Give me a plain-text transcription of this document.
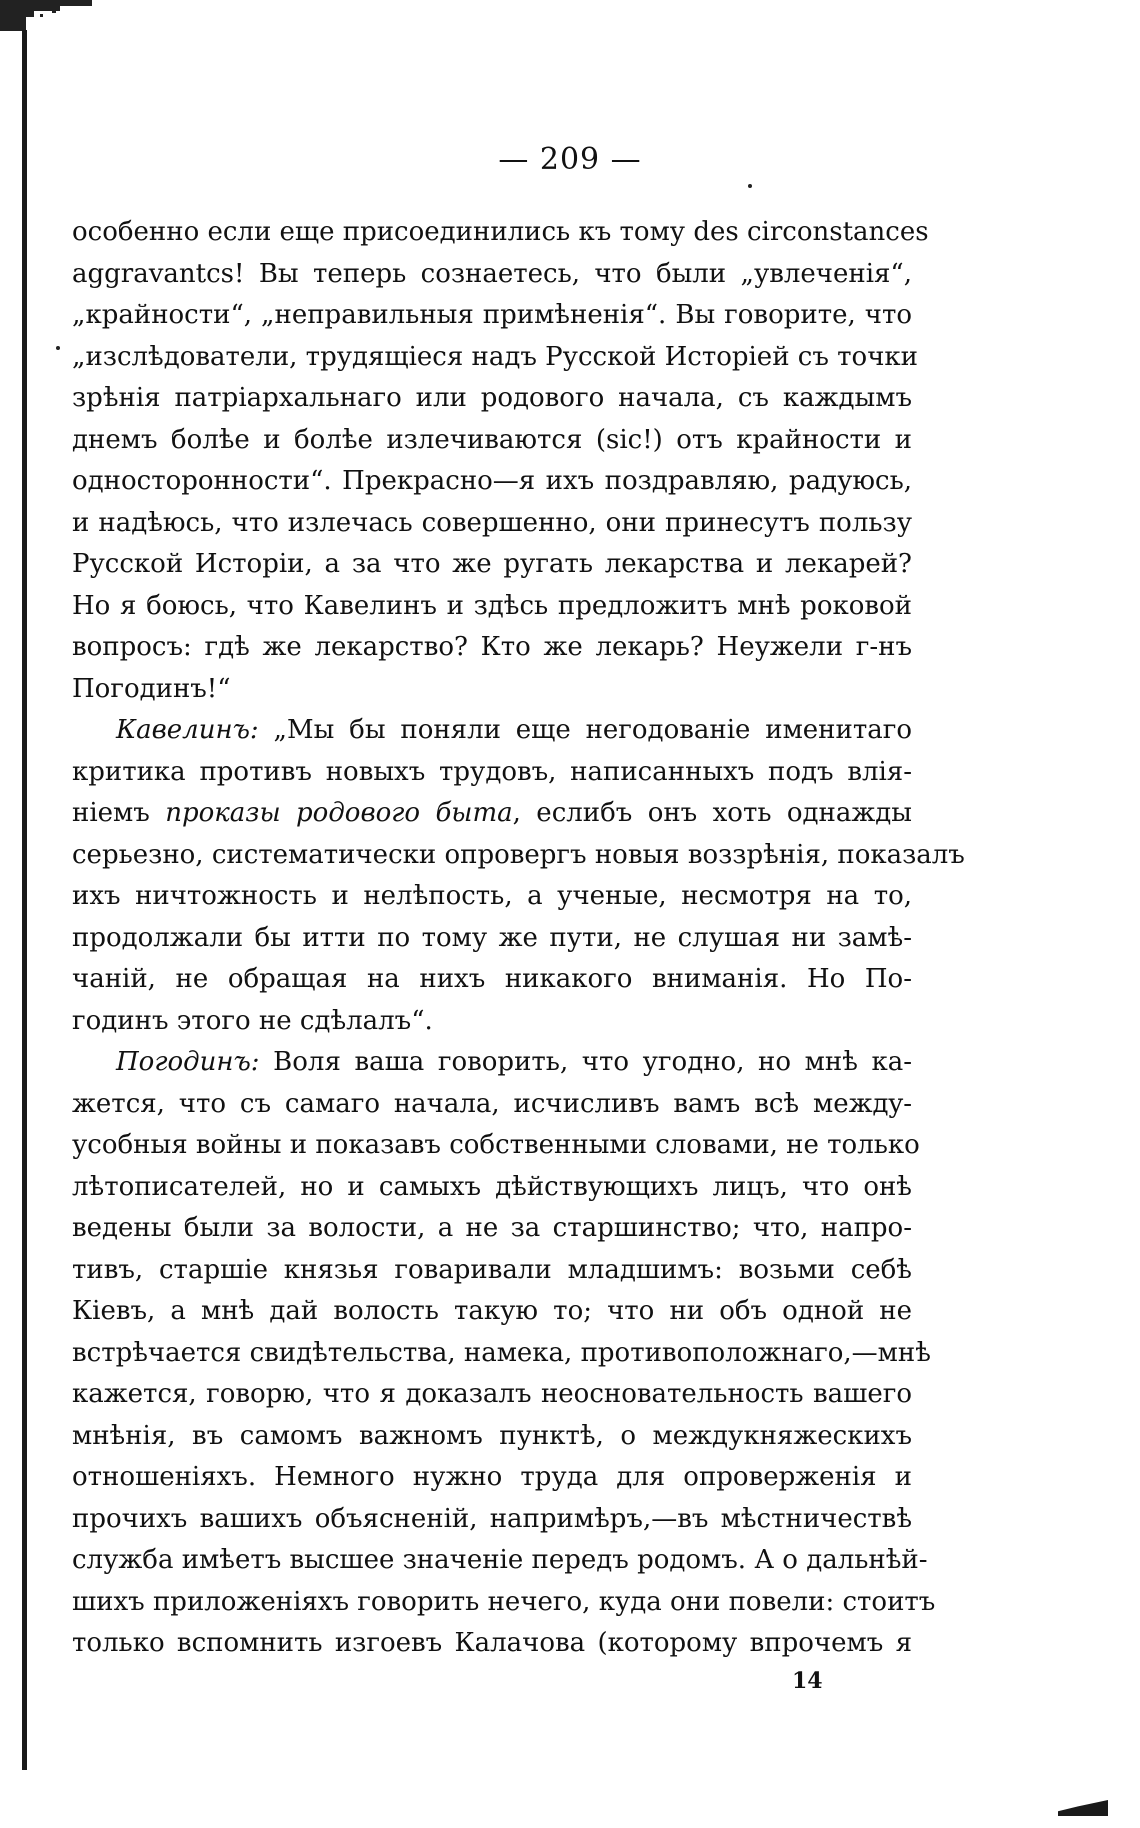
— 209 —
особенно если еще присоединились къ тому des circonstances
aggravantcs! Вы теперь сознаетесь, что были „увлеченія“,
„крайности“, „неправильныя примѣненія“. Вы говорите, что
„изслѣдователи, трудящіеся надъ Русской Исторіей съ точки
зрѣнія патріархальнаго или родового начала, съ каждымъ
днемъ болѣе и болѣе излечиваются (sic!) отъ крайности и
односторонности“. Прекрасно—я ихъ поздравляю, радуюсь,
и надѣюсь, что излечась совершенно, они принесутъ пользу
Русской Исторіи, а за что же ругать лекарства и лекарей?
Но я боюсь, что Кавелинъ и здѣсь предложитъ мнѣ роковой
вопросъ: гдѣ же лекарство? Кто же лекарь? Неужели г-нъ
Погодинъ!“
Кавелинъ: „Мы бы поняли еще негодованіе именитаго
критика противъ новыхъ трудовъ, написанныхъ подъ влія-
ніемъ проказы родового быта, еслибъ онъ хоть однажды
серьезно, систематически опровергъ новыя воззрѣнія, показалъ
ихъ ничтожность и нелѣпость, а ученые, несмотря на то,
продолжали бы итти по тому же пути, не слушая ни замѣ-
чаній, не обращая на нихъ никакого вниманія. Но По-
годинъ этого не сдѣлалъ“.
Погодинъ: Воля ваша говорить, что угодно, но мнѣ ка-
жется, что съ самаго начала, исчисливъ вамъ всѣ междy-
усобныя войны и показавъ собственными словами, не только
лѣтописателей, но и самыхъ дѣйствующихъ лицъ, что онѣ
ведены были за волости, а не за старшинство; что, напро-
тивъ, старшіе князья говаривали младшимъ: возьми себѣ
Кіевъ, а мнѣ дай волость такую то; что ни объ одной не
встрѣчается свидѣтельства, намека, противоположнаго,—мнѣ
кажется, говорю, что я доказалъ неосновательность вашего
мнѣнія, въ самомъ важномъ пунктѣ, о междукняжескихъ
отношеніяхъ. Немного нужно труда для опроверженія и
прочихъ вашихъ объясненій, напримѣръ,—въ мѣстничествѣ
служба имѣетъ высшее значеніе передъ родомъ. А о дальнѣй-
шихъ приложеніяхъ говорить нечего, куда они повели: стоитъ
только вспомнить изгоевъ Калачова (которому впрочемъ я
14
